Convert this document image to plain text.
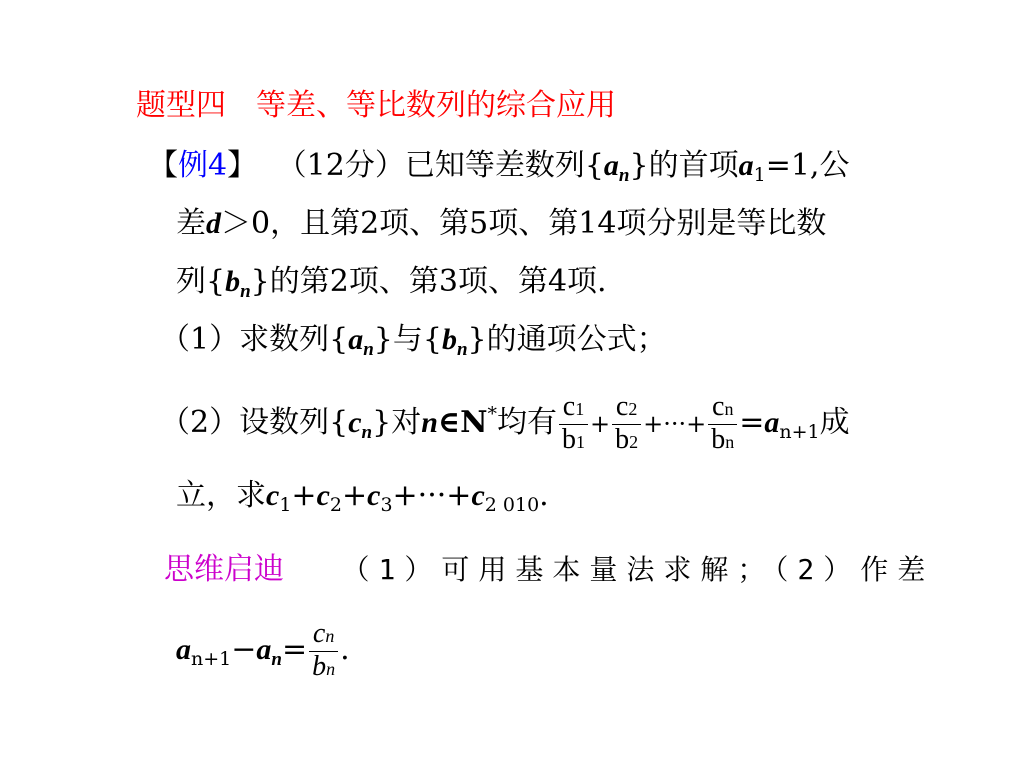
题型四　等差、等比数列的综合应用
【例4】 （12分）已知等差数列$\{a_n\}$的首项$a_1=1$,公
差d＞0，且第2项、第5项、第14项分别是等比数
列$\{b_n\}$的第2项、第3项、第4项.
（1）求数列$\{a_n\}$与$\{b_n\}$的通项公式；
（2）设数列$\{c_n\}$对n∈N*均有 $\frac{c1}{b1} + \frac{c2}{b2}$ +···+ $\frac{cn}{bn} =a_{n+1}$成
立，求$c_1+c_2+c_3+\cdot\cdot\cdot+c_{2 010}$.
思维启迪 （1）可用基本量法求解；（2）作差
$a_{n+1}-a_n= \frac{cn}{bn}$ .
